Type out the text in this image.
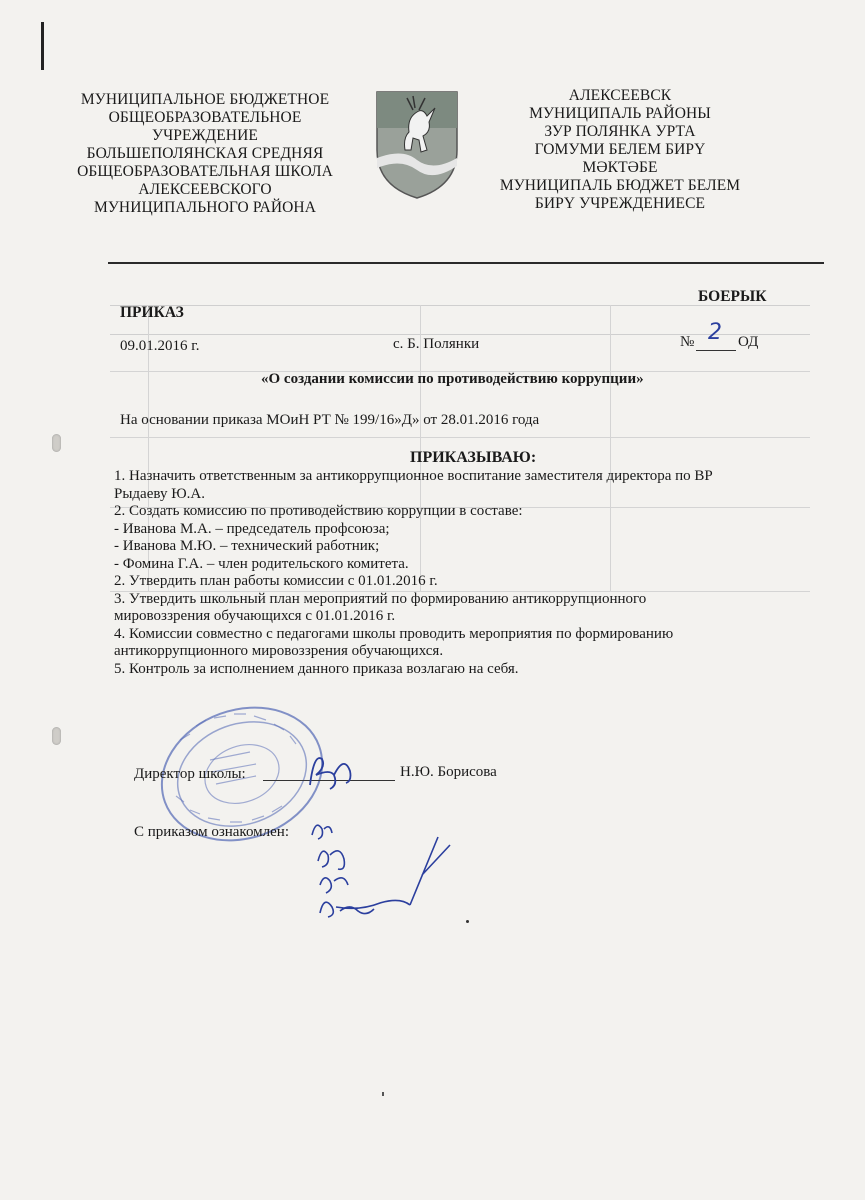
МУНИЦИПАЛЬНОЕ БЮДЖЕТНОЕ
ОБЩЕОБРАЗОВАТЕЛЬНОЕ
УЧРЕЖДЕНИЕ
БОЛЬШЕПОЛЯНСКАЯ СРЕДНЯЯ
ОБЩЕОБРАЗОВАТЕЛЬНАЯ ШКОЛА
АЛЕКСЕЕВСКОГО
МУНИЦИПАЛЬНОГО РАЙОНА
АЛЕКСЕЕВСК
МУНИЦИПАЛЬ РАЙОНЫ
ЗУР ПОЛЯНКА УРТА
ГОМУМИ БЕЛЕМ БИРҮ
МӘКТӘБЕ
МУНИЦИПАЛЬ БЮДЖЕТ БЕЛЕМ
БИРҮ УЧРЕЖДЕНИЕСЕ
ПРИКАЗ
БОЕРЫК
09.01.2016 г.	с. Б. Полянки	№ 2 ОД
«О создании комиссии по противодействию коррупции»
На основании приказа МОиН РТ № 199/16»Д» от 28.01.2016 года
ПРИКАЗЫВАЮ:
1. Назначить ответственным за антикоррупционное воспитание заместителя директора по ВР
Рыдаеву Ю.А.
2. Создать комиссию по противодействию коррупции в составе:
- Иванова М.А. – председатель профсоюза;
- Иванова М.Ю. – технический работник;
- Фомина Г.А. – член родительского комитета.
2. Утвердить план работы комиссии с 01.01.2016 г.
3. Утвердить школьный план мероприятий по формированию антикоррупционного
мировоззрения обучающихся с 01.01.2016 г.
4. Комиссии совместно с педагогами школы проводить мероприятия по формированию
антикоррупционного мировоззрения обучающихся.
5. Контроль за исполнением данного приказа возлагаю на себя.
Директор школы:	Н.Ю. Борисова
С приказом ознакомлен:
